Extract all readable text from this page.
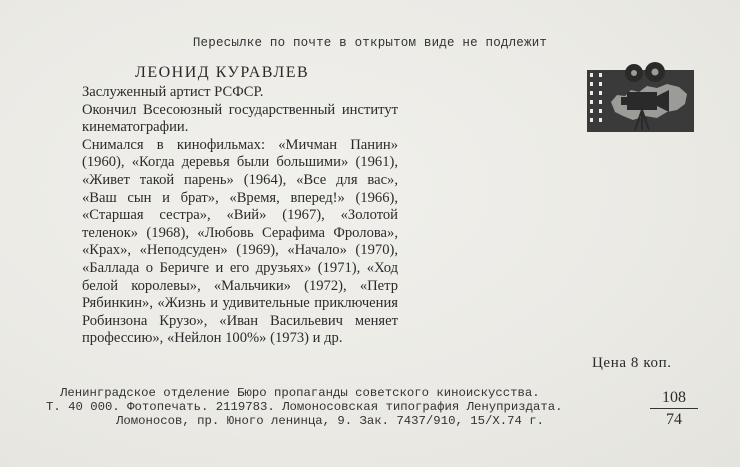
Пересылке по почте в открытом виде не подлежит
ЛЕОНИД КУРАВЛЕВ

Заслуженный артист РСФСР.

Окончил Всесоюзный государственный институт кинематографии.

Снимался в кинофильмах: «Мичман Панин» (1960), «Когда деревья были большими» (1961), «Живет такой парень» (1964), «Все для вас», «Ваш сын и брат», «Время, вперед!» (1966), «Старшая сестра», «Вий» (1967), «Золотой теленок» (1968), «Любовь Серафима Фролова», «Крах», «Неподсуден» (1969), «Начало» (1970), «Баллада о Беричге и его друзьях» (1971), «Ход белой королевы», «Мальчики» (1972), «Петр Рябинкин», «Жизнь и удивительные приключения Робинзона Крузо», «Иван Васильевич меняет профессию», «Нейлон 100%» (1973) и др.

Цена 8 коп.
Ленинградское отделение Бюро пропаганды советского киноискусства.
Т. 40 000. Фотопечать. 2119783. Ломоносовская типография Ленуприздата.
Ломоносов, пр. Юного ленинца, 9. Зак. 7437/910, 15/X.74 г.
108
74
